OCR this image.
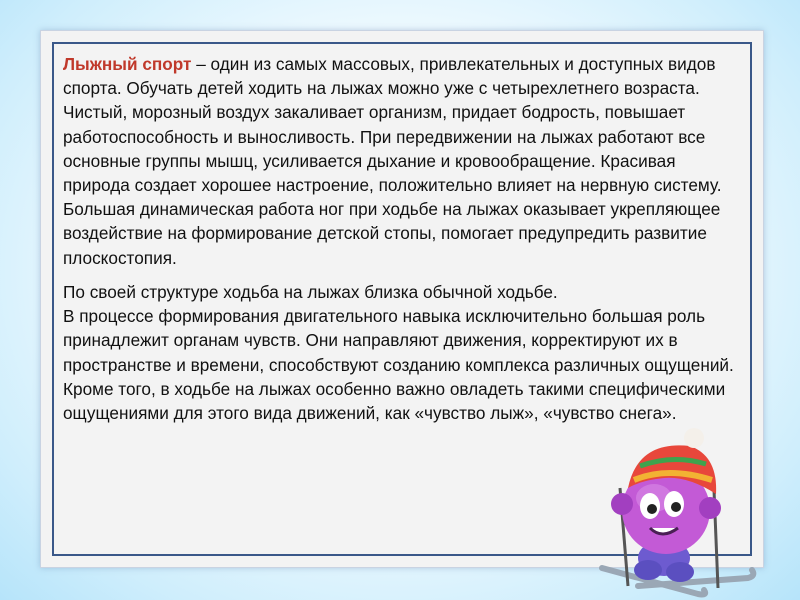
Лыжный спорт – один из самых массовых, привлекательных и доступных видов спорта. Обучать детей ходить на лыжах можно уже с четырехлетнего возраста. Чистый, морозный воздух закаливает организм, придает бодрость, повышает работоспособность и выносливость. При передвижении на лыжах работают все основные группы мышц, усиливается дыхание и кровообращение. Красивая природа создает хорошее настроение, положительно влияет на нервную систему. Большая динамическая работа ног при ходьбе на лыжах оказывает укрепляющее воздействие на формирование детской стопы, помогает предупредить развитие плоскостопия.

По своей структуре ходьба на лыжах близка обычной ходьбе.
В процессе формирования двигательного навыка исключительно большая роль принадлежит органам чувств. Они направляют движения, корректируют их в пространстве и времени, способствуют созданию комплекса различных ощущений. Кроме того, в ходьбе на лыжах особенно важно овладеть такими специфическими ощущениями для этого вида движений, как «чувство лыж», «чувство снега».
